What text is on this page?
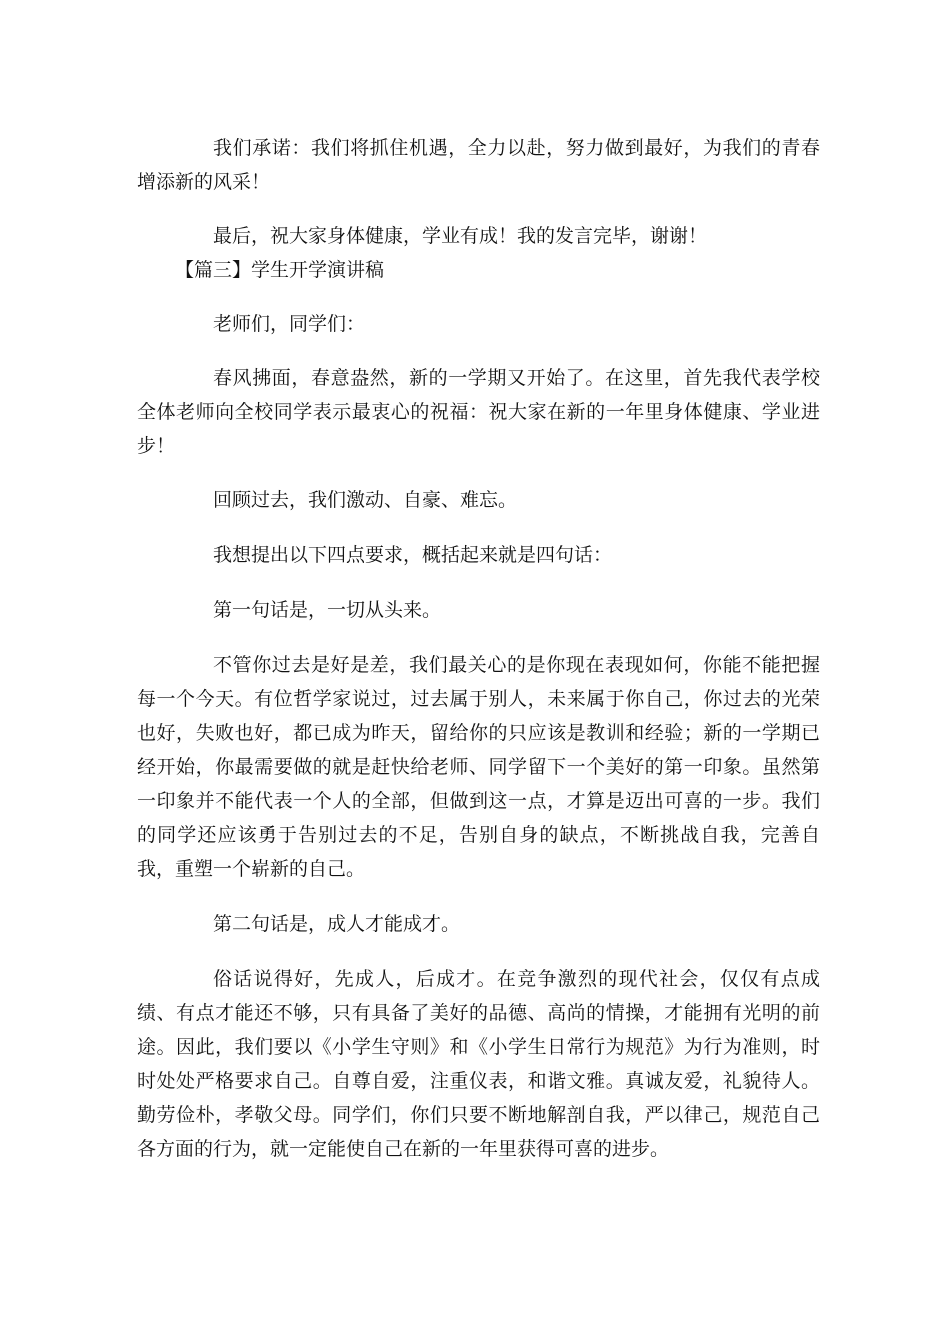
我们承诺：我们将抓住机遇，全力以赴，努力做到最好，为我们的青春增添新的风采！

最后，祝大家身体健康，学业有成！我的发言完毕，谢谢！

【篇三】学生开学演讲稿

老师们，同学们：

春风拂面，春意盎然，新的一学期又开始了。在这里，首先我代表学校全体老师向全校同学表示最衷心的祝福：祝大家在新的一年里身体健康、学业进步！

回顾过去，我们激动、自豪、难忘。

我想提出以下四点要求，概括起来就是四句话：

第一句话是，一切从头来。

不管你过去是好是差，我们最关心的是你现在表现如何，你能不能把握每一个今天。有位哲学家说过，过去属于别人，未来属于你自己，你过去的光荣也好，失败也好，都已成为昨天，留给你的只应该是教训和经验；新的一学期已经开始，你最需要做的就是赶快给老师、同学留下一个美好的第一印象。虽然第一印象并不能代表一个人的全部，但做到这一点，才算是迈出可喜的一步。我们的同学还应该勇于告别过去的不足，告别自身的缺点，不断挑战自我，完善自我，重塑一个崭新的自己。

第二句话是，成人才能成才。

俗话说得好，先成人，后成才。在竞争激烈的现代社会，仅仅有点成绩、有点才能还不够，只有具备了美好的品德、高尚的情操，才能拥有光明的前途。因此，我们要以《小学生守则》和《小学生日常行为规范》为行为准则，时时处处严格要求自己。自尊自爱，注重仪表，和谐文雅。真诚友爱，礼貌待人。勤劳俭朴，孝敬父母。同学们，你们只要不断地解剖自我，严以律己，规范自己各方面的行为，就一定能使自己在新的一年里获得可喜的进步。
